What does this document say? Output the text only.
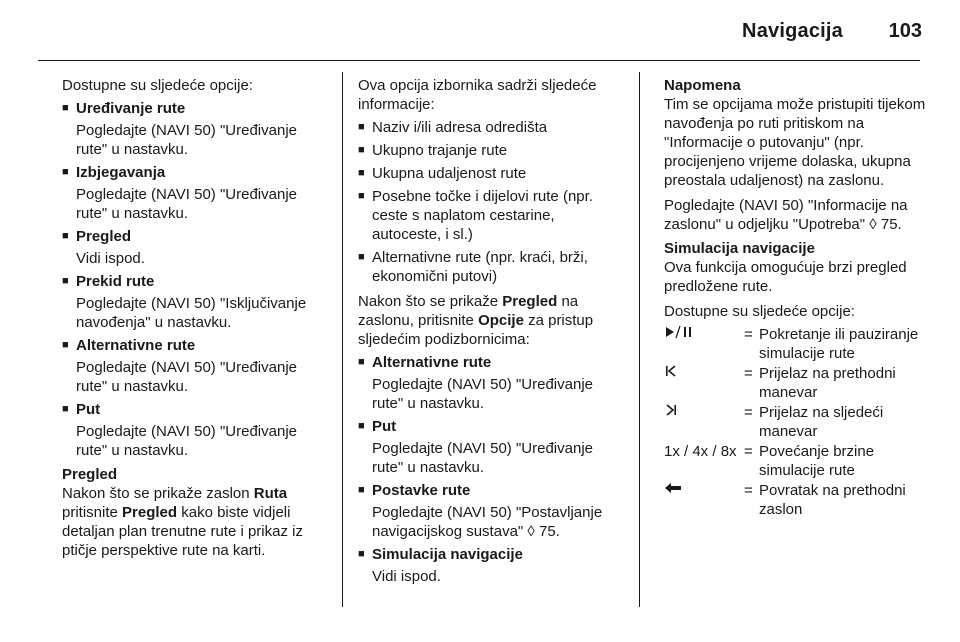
Navigacija 103

Dostupne su sljedeće opcije:

■ Uređivanje rute
Pogledajte (NAVI 50) "Uređivanje rute" u nastavku.
■ Izbjegavanja
Pogledajte (NAVI 50) "Uređivanje rute" u nastavku.
■ Pregled
Vidi ispod.
■ Prekid rute
Pogledajte (NAVI 50) "Isključivanje navođenja" u nastavku.
■ Alternativne rute
Pogledajte (NAVI 50) "Uređivanje rute" u nastavku.
■ Put
Pogledajte (NAVI 50) "Uređivanje rute" u nastavku.

Pregled

Nakon što se prikaže zaslon Ruta pritisnite Pregled kako biste vidjeli detaljan plan trenutne rute i prikaz iz ptičje perspektive rute na karti.

Ova opcija izbornika sadrži sljedeće informacije:

■ Naziv i/ili adresa odredišta
■ Ukupno trajanje rute
■ Ukupna udaljenost rute
■ Posebne točke i dijelovi rute (npr. ceste s naplatom cestarine, autoceste, i sl.)
■ Alternativne rute (npr. kraći, brži, ekonomični putovi)

Nakon što se prikaže Pregled na zaslonu, pritisnite Opcije za pristup sljedećim podizbornicima:

■ Alternativne rute
Pogledajte (NAVI 50) "Uređivanje rute" u nastavku.
■ Put
Pogledajte (NAVI 50) "Uređivanje rute" u nastavku.
■ Postavke rute
Pogledajte (NAVI 50) "Postavljanje navigacijskog sustava" ◊ 75.
■ Simulacija navigacije
Vidi ispod.

Napomena

Tim se opcijama može pristupiti tijekom navođenja po ruti pritiskom na "Informacije o putovanju" (npr. procijenjeno vrijeme dolaska, ukupna preostala udaljenost) na zaslonu.

Pogledajte (NAVI 50) "Informacije na zaslonu" u odjeljku "Upotreba" ◊ 75.

Simulacija navigacije

Ova funkcija omogućuje brzi pregled predložene rute.

Dostupne su sljedeće opcije:

= Pokretanje ili pauziranje simulacije rute
= Prijelaz na prethodni manevar
= Prijelaz na sljedeći manevar
1x / 4x / 8x = Povećanje brzine simulacije rute
= Povratak na prethodni zaslon
